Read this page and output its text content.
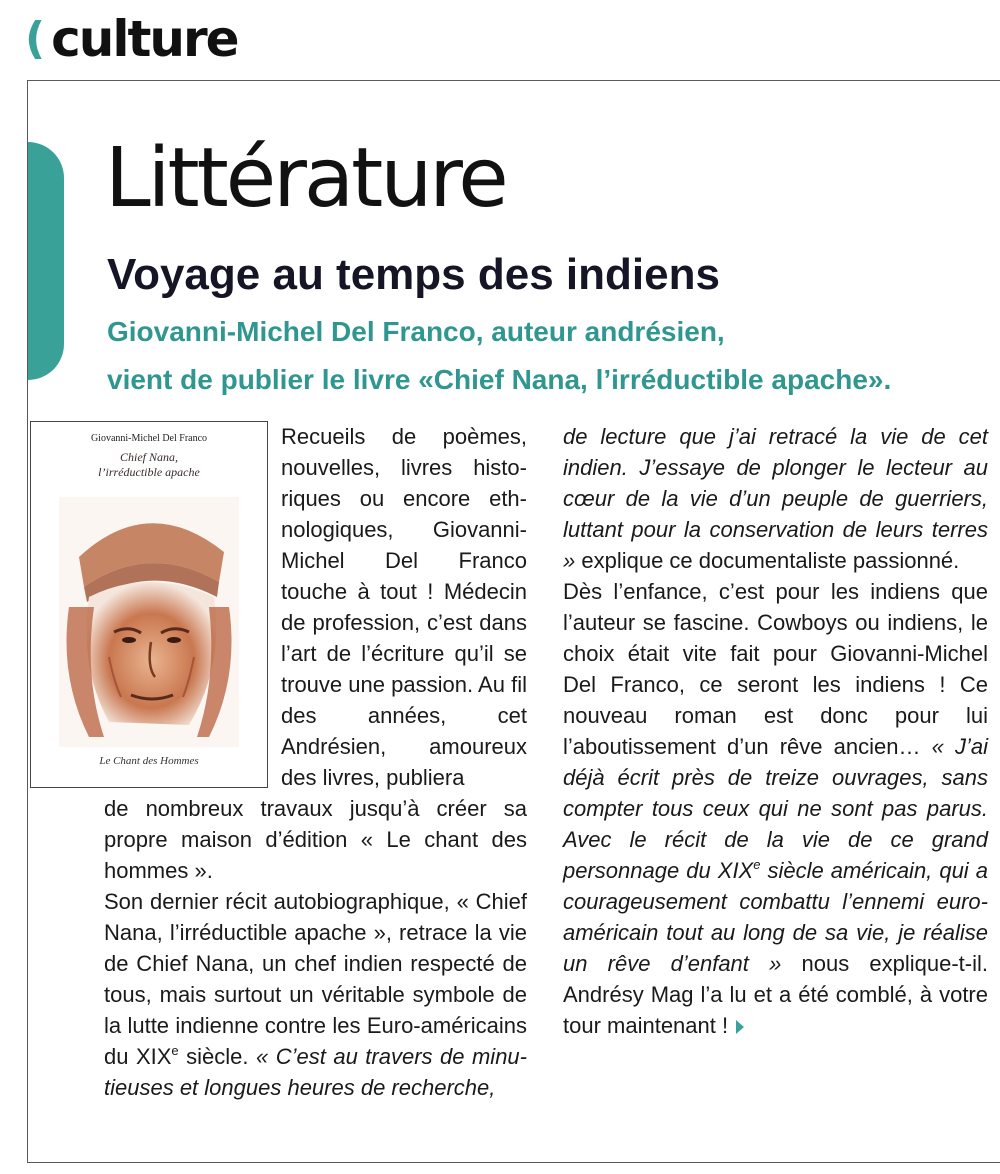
( culture
Littérature
Voyage au temps des indiens
Giovanni-Michel Del Franco, auteur andrésien,
vient de publier le livre «Chief Nana, l’irréductible apache».
Giovanni-Michel Del Franco
Chief Nana,
l’irréductible apache
Le Chant des Hommes
Recueils de poèmes, nouvelles, livres historiques ou encore ethnologiques, Giovanni-Michel Del Franco touche à tout ! Médecin de profession, c’est dans l’art de l’écriture qu’il se trouve une passion. Au fil des années, cet Andrésien, amoureux des livres, publiera

de nombreux travaux jusqu’à créer sa propre maison d’édition « Le chant des hommes ».

Son dernier récit autobiographique, « Chief Nana, l’irréductible apache », retrace la vie de Chief Nana, un chef indien respecté de tous, mais surtout un véritable symbole de la lutte indienne contre les Euro-américains du XIXe siècle. « C’est au travers de minutieuses et longues heures de recherche,

de lecture que j’ai retracé la vie de cet indien. J’essaye de plonger le lecteur au cœur de la vie d’un peuple de guerriers, luttant pour la conservation de leurs terres » explique ce documentaliste passionné.

Dès l’enfance, c’est pour les indiens que l’auteur se fascine. Cowboys ou indiens, le choix était vite fait pour Giovanni-Michel Del Franco, ce seront les indiens ! Ce nouveau roman est donc pour lui l’aboutissement d’un rêve ancien… « J’ai déjà écrit près de treize ouvrages, sans compter tous ceux qui ne sont pas parus. Avec le récit de la vie de ce grand personnage du XIXe siècle américain, qui a courageusement combattu l’ennemi euro-américain tout au long de sa vie, je réalise un rêve d’enfant » nous explique-t-il. Andrésy Mag l’a lu et a été comblé, à votre tour maintenant !
